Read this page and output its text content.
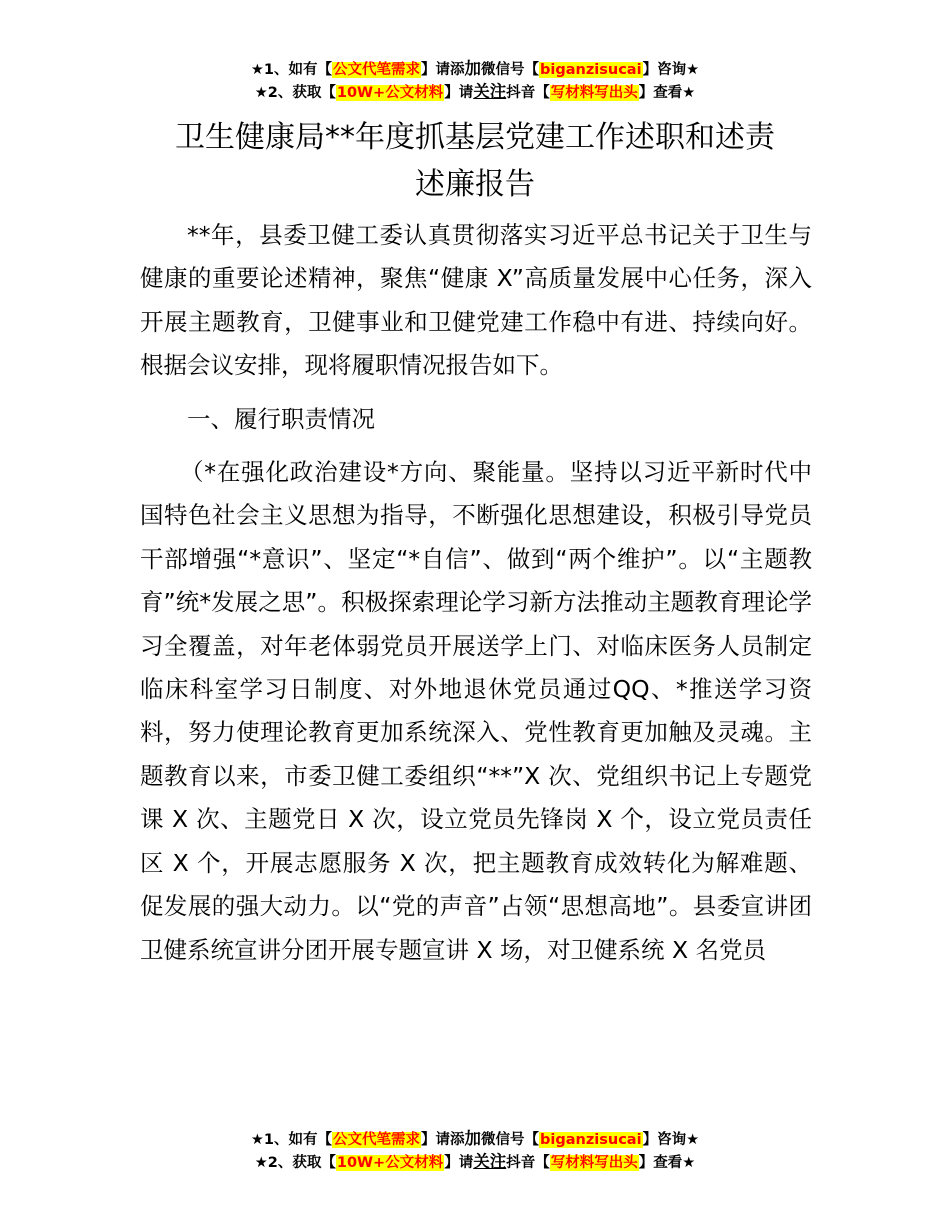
★1、如有【公文代笔需求】请添加微信号【biganzisucai】咨询★
★2、获取【10W+公文材料】请关注抖音【写材料写出头】查看★
卫生健康局**年度抓基层党建工作述职和述责
述廉报告

**年，县委卫健工委认真贯彻落实习近平总书记关于卫生与健康的重要论述精神，聚焦“健康 X”高质量发展中心任务，深入开展主题教育，卫健事业和卫健党建工作稳中有进、持续向好。根据会议安排，现将履职情况报告如下。

一、履行职责情况

（*在强化政治建设*方向、聚能量。坚持以习近平新时代中国特色社会主义思想为指导，不断强化思想建设，积极引导党员干部增强“*意识”、坚定“*自信”、做到“两个维护”。以“主题教育”统*发展之思”。积极探索理论学习新方法推动主题教育理论学习全覆盖，对年老体弱党员开展送学上门、对临床医务人员制定临床科室学习日制度、对外地退休党员通过QQ、*推送学习资料，努力使理论教育更加系统深入、党性教育更加触及灵魂。主题教育以来，市委卫健工委组织“**”X 次、党组织书记上专题党课 X 次、主题党日 X 次，设立党员先锋岗 X 个，设立党员责任区 X 个，开展志愿服务 X 次，把主题教育成效转化为解难题、促发展的强大动力。以“党的声音”占领“思想高地”。县委宣讲团卫健系统宣讲分团开展专题宣讲 X 场，对卫健系统 X 名党员

★1、如有【公文代笔需求】请添加微信号【biganzisucai】咨询★
★2、获取【10W+公文材料】请关注抖音【写材料写出头】查看★
